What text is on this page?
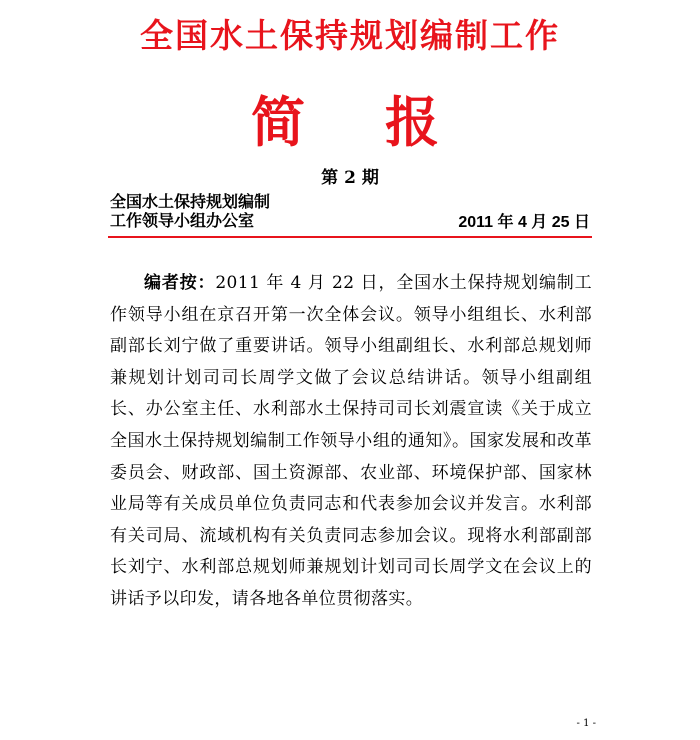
全国水土保持规划编制工作
简报
第 2 期
全国水土保持规划编制
工作领导小组办公室	2011 年 4 月 25 日
编者按：2011 年 4 月 22 日，全国水土保持规划编制工作领导小组在京召开第一次全体会议。领导小组组长、水利部副部长刘宁做了重要讲话。领导小组副组长、水利部总规划师兼规划计划司司长周学文做了会议总结讲话。领导小组副组长、办公室主任、水利部水土保持司司长刘震宣读《关于成立全国水土保持规划编制工作领导小组的通知》。国家发展和改革委员会、财政部、国土资源部、农业部、环境保护部、国家林业局等有关成员单位负责同志和代表参加会议并发言。水利部有关司局、流域机构有关负责同志参加会议。现将水利部副部长刘宁、水利部总规划师兼规划计划司司长周学文在会议上的讲话予以印发，请各地各单位贯彻落实。
- 1 -
